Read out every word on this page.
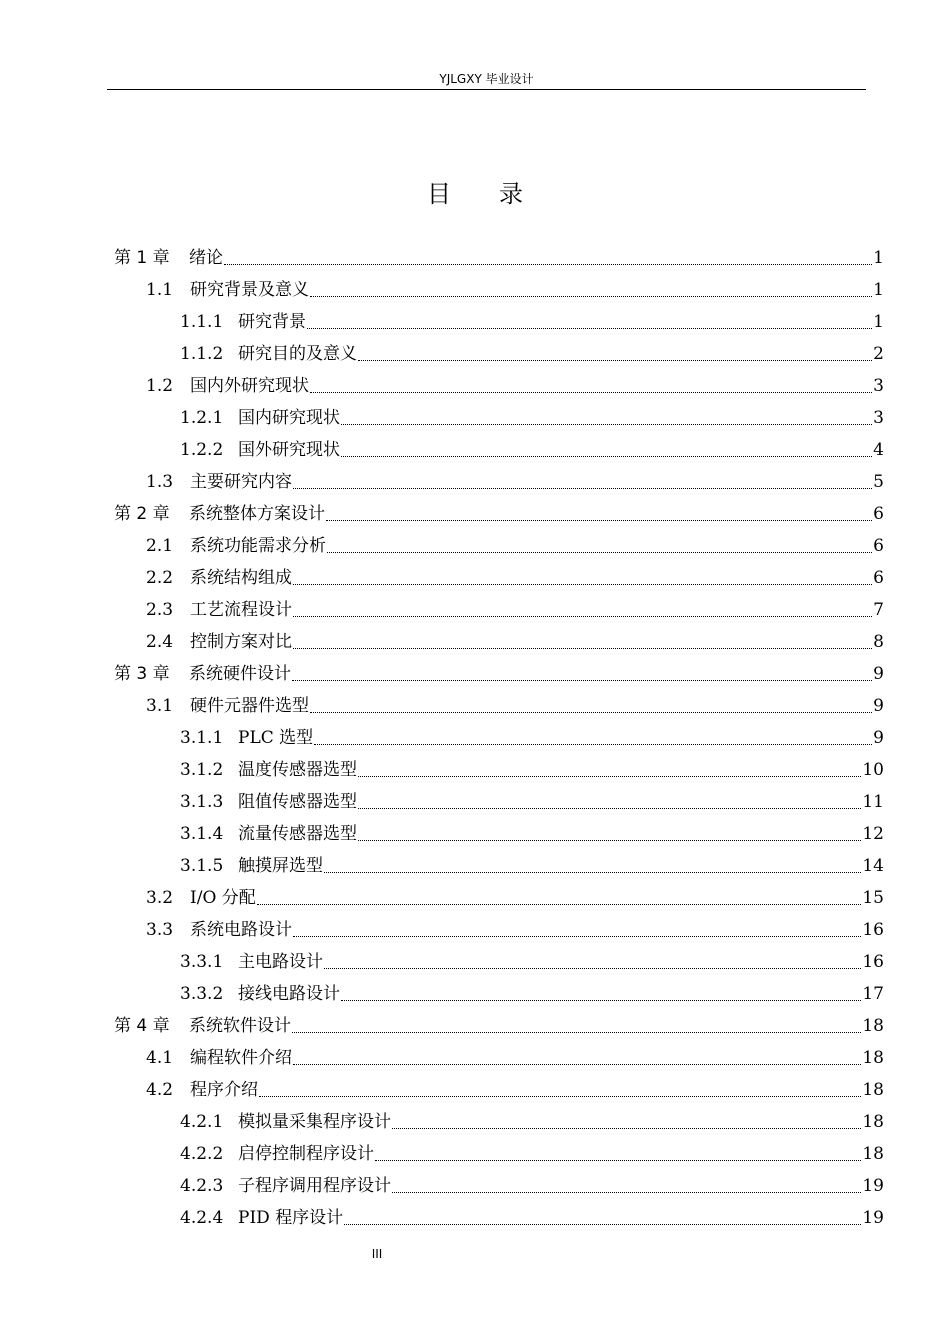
YJLGXY 毕业设计
目录
第 1 章	绪论	1
1.1 研究背景及意义	1
1.1.1 研究背景	1
1.1.2 研究目的及意义	2
1.2 国内外研究现状	3
1.2.1 国内研究现状	3
1.2.2 国外研究现状	4
1.3 主要研究内容	5
第 2 章	系统整体方案设计	6
2.1 系统功能需求分析	6
2.2 系统结构组成	6
2.3 工艺流程设计	7
2.4 控制方案对比	8
第 3 章	系统硬件设计	9
3.1 硬件元器件选型	9
3.1.1 PLC 选型	9
3.1.2 温度传感器选型	10
3.1.3 阻值传感器选型	11
3.1.4 流量传感器选型	12
3.1.5 触摸屏选型	14
3.2 I/O 分配	15
3.3 系统电路设计	16
3.3.1 主电路设计	16
3.3.2 接线电路设计	17
第 4 章	系统软件设计	18
4.1 编程软件介绍	18
4.2 程序介绍	18
4.2.1 模拟量采集程序设计	18
4.2.2 启停控制程序设计	18
4.2.3 子程序调用程序设计	19
4.2.4 PID 程序设计	19
III
